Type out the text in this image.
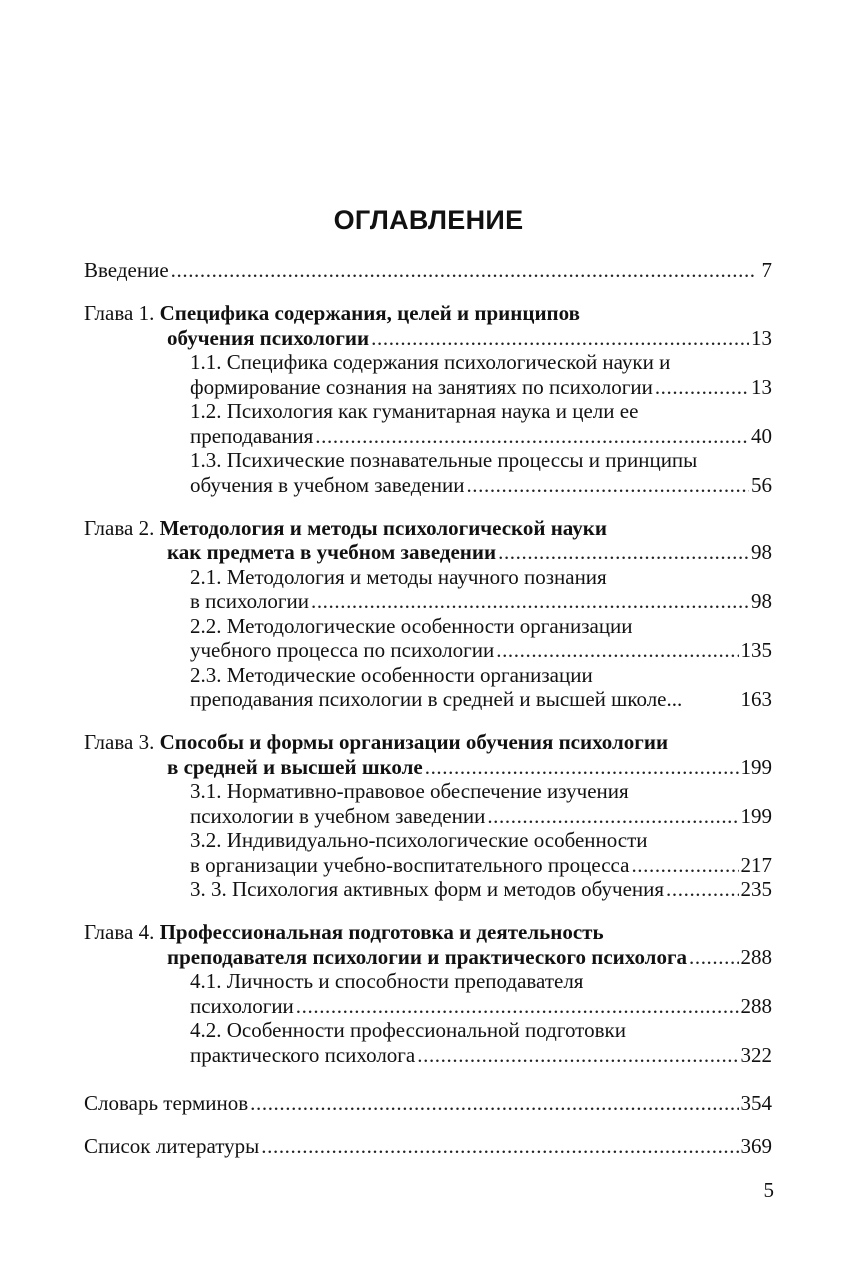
ОГЛАВЛЕНИЕ
Введение .....	7
Глава 1. Специфика содержания, целей и принципов
обучения психологии .....	13
1.1. Специфика содержания психологической науки и
формирование сознания на занятиях по психологии .....	13
1.2. Психология как гуманитарная наука и цели ее
преподавания .....	40
1.3. Психические познавательные процессы и принципы
обучения в учебном заведении .....	56
Глава 2. Методология и методы психологической науки
как предмета в учебном заведении .....	98
2.1. Методология и методы научного познания
в психологии .....	98
2.2. Методологические особенности организации
учебного процесса по психологии .....	135
2.3. Методические особенности организации
преподавания психологии в средней и высшей школе...	163
Глава 3. Способы и формы организации обучения психологии
в средней и высшей школе .....	199
3.1. Нормативно-правовое обеспечение изучения
психологии в учебном заведении .....	199
3.2. Индивидуально-психологические особенности
в организации учебно-воспитательного процесса .....	217
3. 3. Психология активных форм и методов обучения .....	235
Глава 4. Профессиональная подготовка и деятельность
преподавателя психологии и практического психолога .....	288
4.1. Личность и способности преподавателя
психологии .....	288
4.2. Особенности профессиональной подготовки
практического психолога .....	322
Словарь терминов .....	354
Список литературы .....	369
5
